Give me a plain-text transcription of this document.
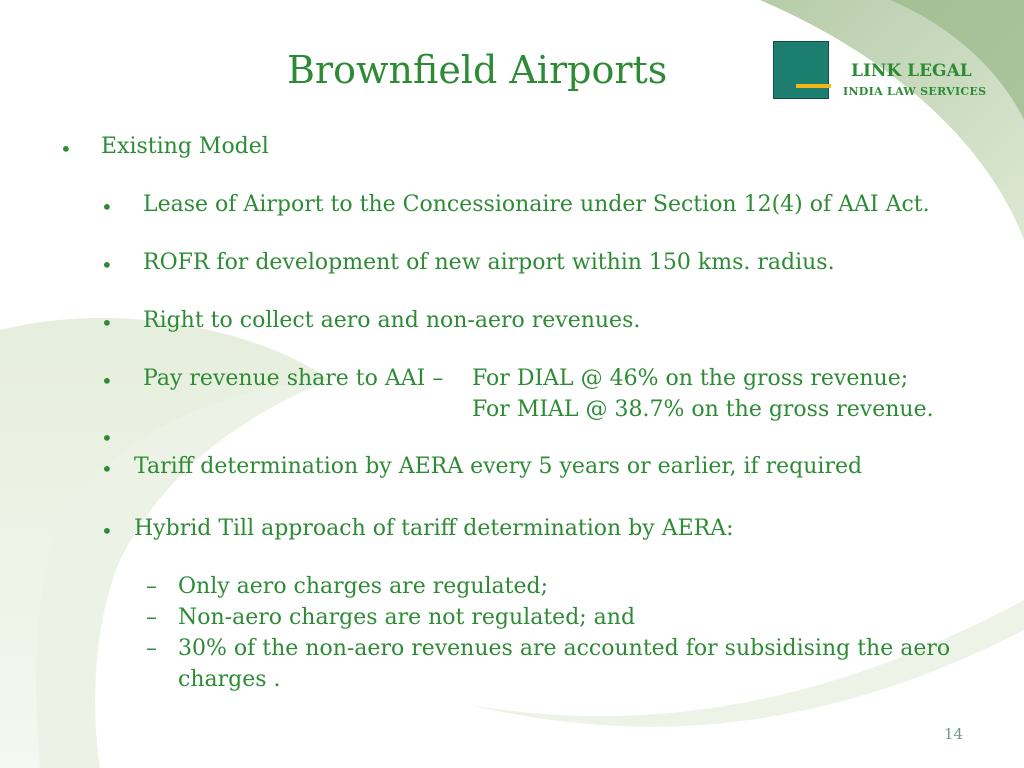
Brownfield Airports	LINK LEGAL
INDIA LAW SERVICES
• Existing Model
• Lease of Airport to the Concessionaire under Section 12(4) of AAI Act.
• ROFR for development of new airport within 150 kms. radius.
• Right to collect aero and non-aero revenues.
• Pay revenue share to AAI – For DIAL @ 46% on the gross revenue;
For MIAL @ 38.7% on the gross revenue.
•
• Tariff determination by AERA every 5 years or earlier, if required
• Hybrid Till approach of tariff determination by AERA:
– Only aero charges are regulated;
– Non-aero charges are not regulated; and
– 30% of the non-aero revenues are accounted for subsidising the aero
charges .
14
